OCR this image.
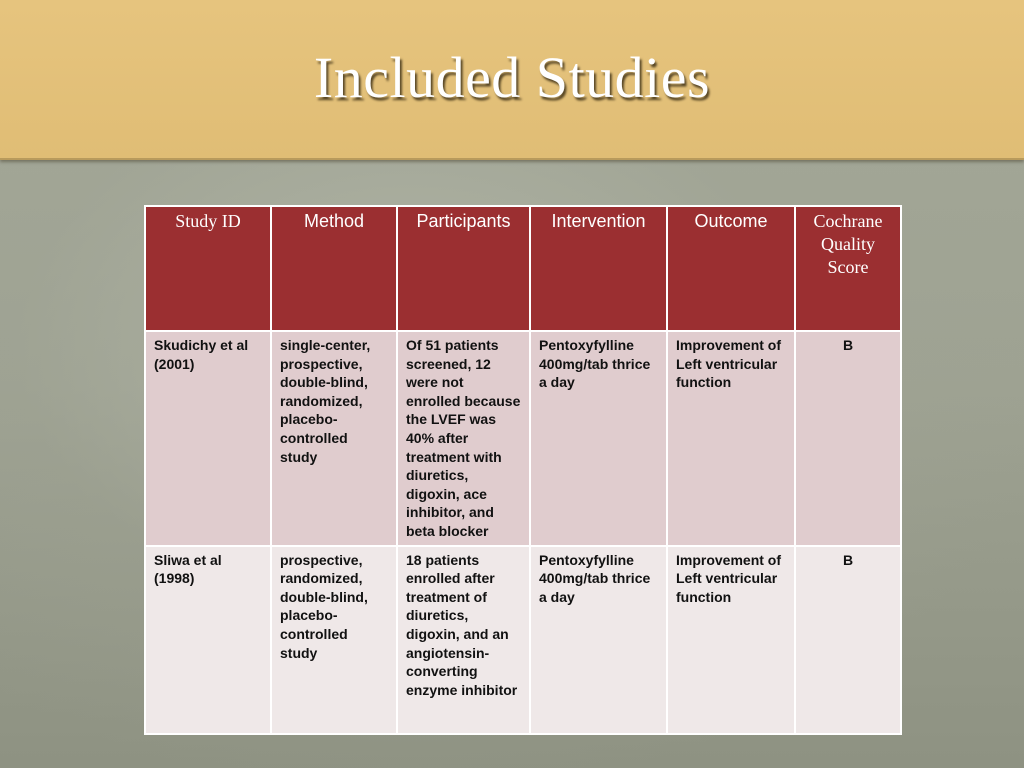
Included Studies
Study ID	Method	Participants	Intervention	Outcome	Cochrane Quality Score
Skudichy et al (2001)	single-center, prospective, double-blind, randomized, placebo-controlled study	Of 51 patients screened, 12 were not enrolled because the LVEF was 40% after treatment with diuretics, digoxin, ace inhibitor, and beta blocker	Pentoxyfylline 400mg/tab thrice a day	Improvement of Left ventricular function	B
Sliwa et al (1998)	prospective, randomized, double-blind, placebo-controlled study	18 patients enrolled after treatment of diuretics, digoxin, and an angiotensin-converting enzyme inhibitor	Pentoxyfylline 400mg/tab thrice a day	Improvement of Left ventricular function	B
